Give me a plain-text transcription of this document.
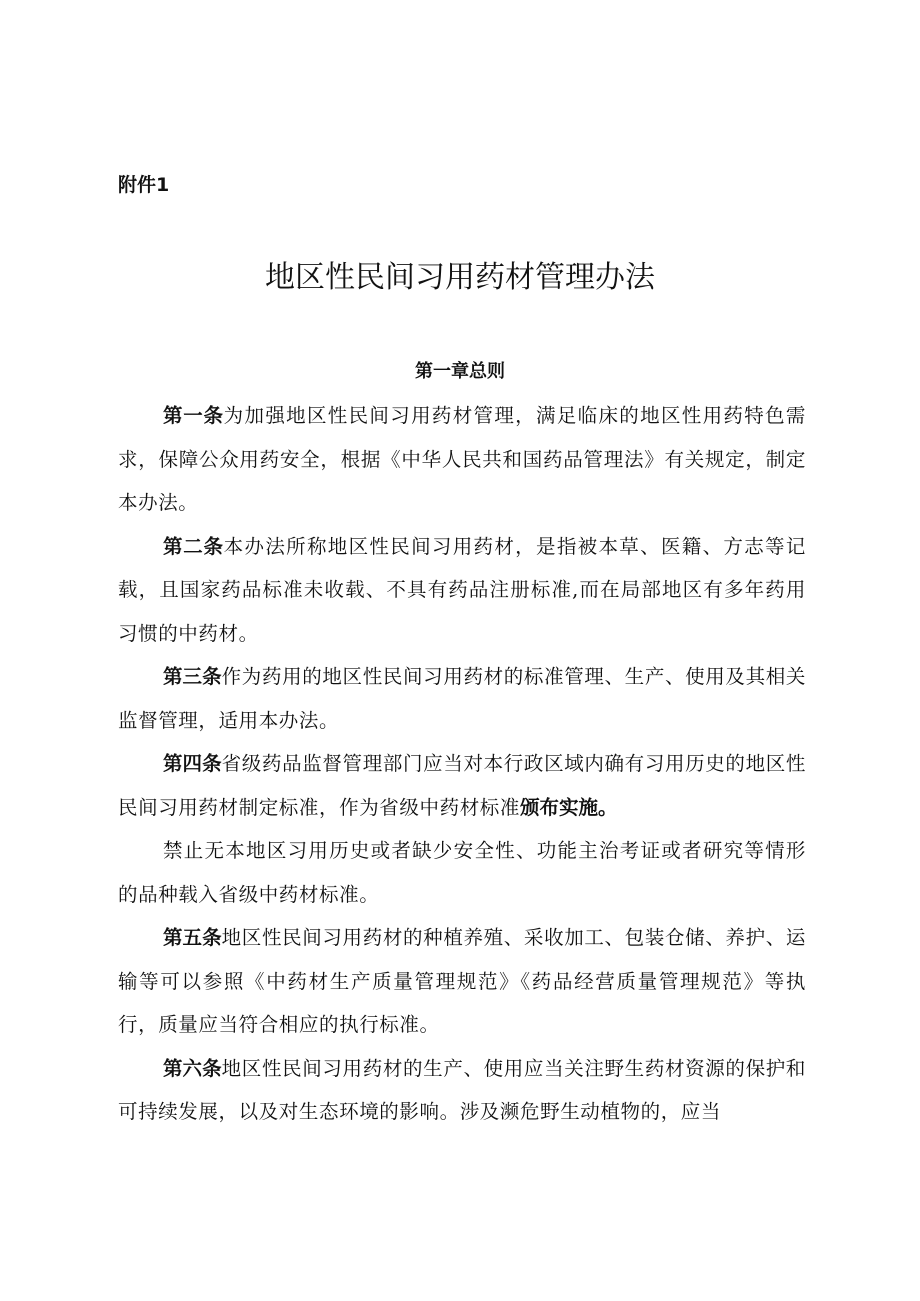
附件1
地区性民间习用药材管理办法
第一章总则

第一条为加强地区性民间习用药材管理，满足临床的地区性用药特色需求，保障公众用药安全，根据《中华人民共和国药品管理法》有关规定，制定本办法。

第二条本办法所称地区性民间习用药材，是指被本草、医籍、方志等记载，且国家药品标准未收载、不具有药品注册标准,而在局部地区有多年药用习惯的中药材。

第三条作为药用的地区性民间习用药材的标准管理、生产、使用及其相关监督管理，适用本办法。

第四条省级药品监督管理部门应当对本行政区域内确有习用历史的地区性民间习用药材制定标准，作为省级中药材标准颁布实施。

禁止无本地区习用历史或者缺少安全性、功能主治考证或者研究等情形的品种载入省级中药材标准。

第五条地区性民间习用药材的种植养殖、采收加工、包装仓储、养护、运输等可以参照《中药材生产质量管理规范》《药品经营质量管理规范》等执行，质量应当符合相应的执行标准。

第六条地区性民间习用药材的生产、使用应当关注野生药材资源的保护和可持续发展，以及对生态环境的影响。涉及濒危野生动植物的，应当
